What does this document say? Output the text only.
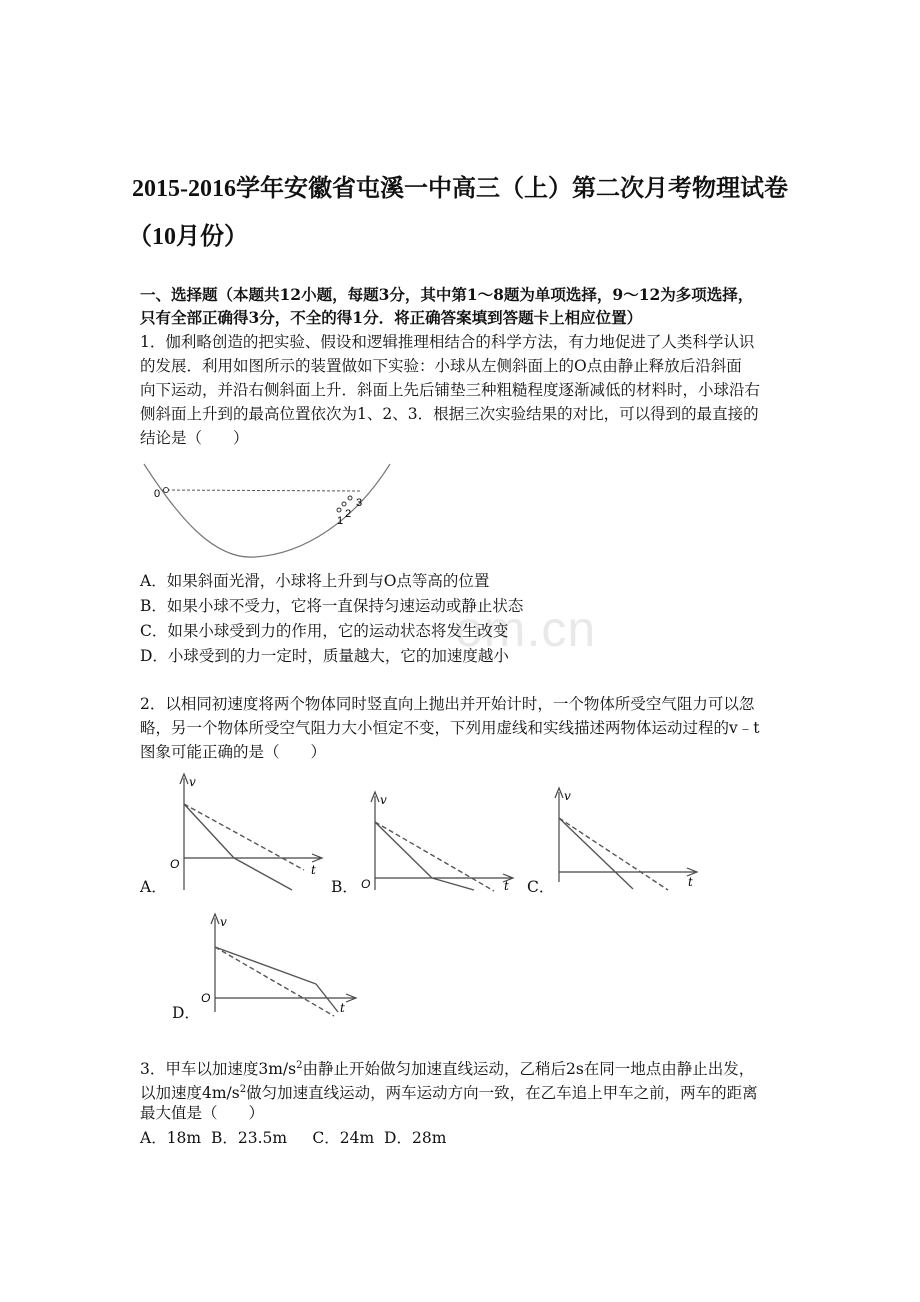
om.cn
2015-2016学年安徽省屯溪一中高三（上）第二次月考物理试卷
（10月份）
一、选择题（本题共12小题，每题3分，其中第1～8题为单项选择，9～12为多项选择，
只有全部正确得3分，不全的得1分．将正确答案填到答题卡上相应位置）
1．伽利略创造的把实验、假设和逻辑推理相结合的科学方法，有力地促进了人类科学认识
的发展．利用如图所示的装置做如下实验：小球从左侧斜面上的O点由静止释放后沿斜面
向下运动，并沿右侧斜面上升．斜面上先后铺垫三种粗糙程度逐渐减低的材料时，小球沿右
侧斜面上升到的最高位置依次为1、2、3．根据三次实验结果的对比，可以得到的最直接的
结论是（　　）
0
1
2
3
A．如果斜面光滑，小球将上升到与O点等高的位置
B．如果小球不受力，它将一直保持匀速运动或静止状态
C．如果小球受到力的作用，它的运动状态将发生改变
D．小球受到的力一定时，质量越大，它的加速度越小
2．以相同初速度将两个物体同时竖直向上抛出并开始计时，一个物体所受空气阻力可以忽
略，另一个物体所受空气阻力大小恒定不变，下列用虚线和实线描述两物体运动过程的v﹣t
图象可能正确的是（　　）
A．
v
t
O
B．
v
t
O	C．
v
t
D．
v
t
O
3．甲车以加速度$3m/s^2$由静止开始做匀加速直线运动，乙稍后2s在同一地点由静止出发，
以加速度$4m/s^2$做匀加速直线运动，两车运动方向一致，在乙车追上甲车之前，两车的距离
最大值是（　　）
A．18m  B．23.5m　  C．24m  D．28m
